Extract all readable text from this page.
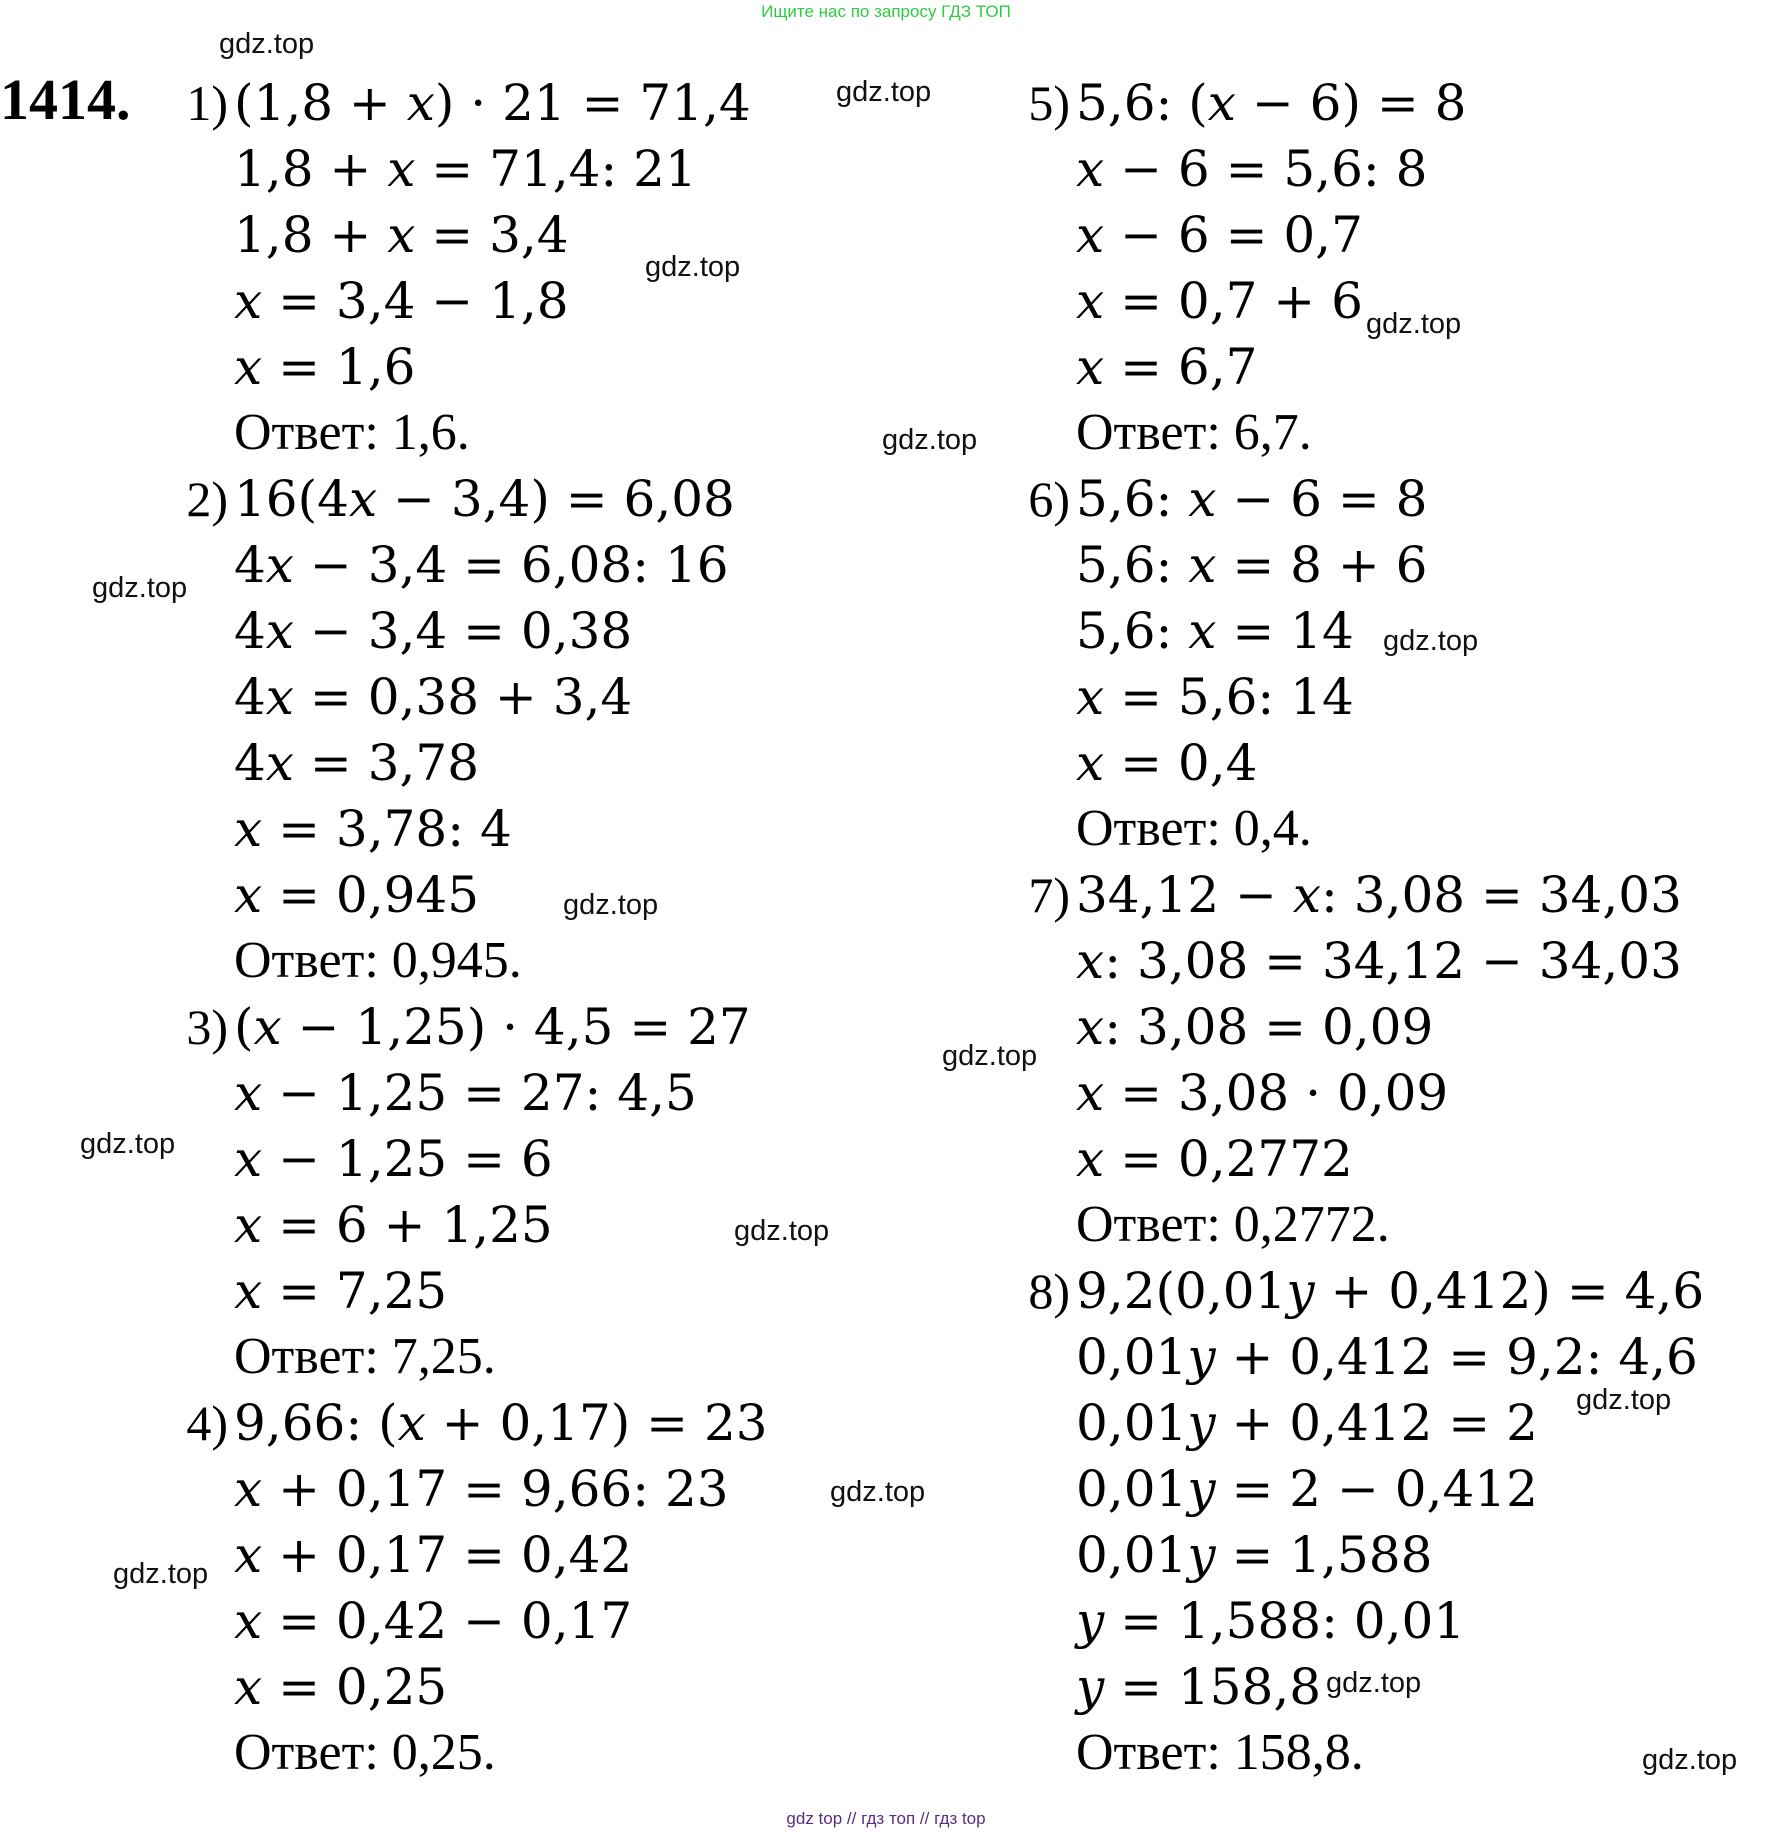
Ищите нас по запросу ГДЗ ТОП
1414.	1) (1,8 + 𝑥) · 21 = 71,4
1,8 + 𝑥 = 71,4: 21
1,8 + 𝑥 = 3,4
𝑥 = 3,4 − 1,8
𝑥 = 1,6
Ответ: 1,6.
2) 16(4𝑥 − 3,4) = 6,08
4𝑥 − 3,4 = 6,08: 16
4𝑥 − 3,4 = 0,38
4𝑥 = 0,38 + 3,4
4𝑥 = 3,78
𝑥 = 3,78: 4
𝑥 = 0,945
Ответ: 0,945.
3) (𝑥 − 1,25) · 4,5 = 27
𝑥 − 1,25 = 27: 4,5
𝑥 − 1,25 = 6
𝑥 = 6 + 1,25
𝑥 = 7,25
Ответ: 7,25.
4) 9,66: (𝑥 + 0,17) = 23
𝑥 + 0,17 = 9,66: 23
𝑥 + 0,17 = 0,42
𝑥 = 0,42 − 0,17
𝑥 = 0,25
Ответ: 0,25.
5) 5,6: (𝑥 − 6) = 8
𝑥 − 6 = 5,6: 8
𝑥 − 6 = 0,7
𝑥 = 0,7 + 6
𝑥 = 6,7
Ответ: 6,7.
6) 5,6: 𝑥 − 6 = 8
5,6: 𝑥 = 8 + 6
5,6: 𝑥 = 14
𝑥 = 5,6: 14
𝑥 = 0,4
Ответ: 0,4.
7) 34,12 − 𝑥: 3,08 = 34,03
𝑥: 3,08 = 34,12 − 34,03
𝑥: 3,08 = 0,09
𝑥 = 3,08 · 0,09
𝑥 = 0,2772
Ответ: 0,2772.
8) 9,2(0,01𝑦 + 0,412) = 4,6
0,01𝑦 + 0,412 = 9,2: 4,6
0,01𝑦 + 0,412 = 2
0,01𝑦 = 2 − 0,412
0,01𝑦 = 1,588
𝑦 = 1,588: 0,01
𝑦 = 158,8
Ответ: 158,8.
gdz.top
gdz.top
gdz.top
gdz.top
gdz.top
gdz.top
gdz.top
gdz.top
gdz.top
gdz.top
gdz.top
gdz.top
gdz.top
gdz.top
gdz.top
gdz.top
gdz top // гдз топ // гдз top
